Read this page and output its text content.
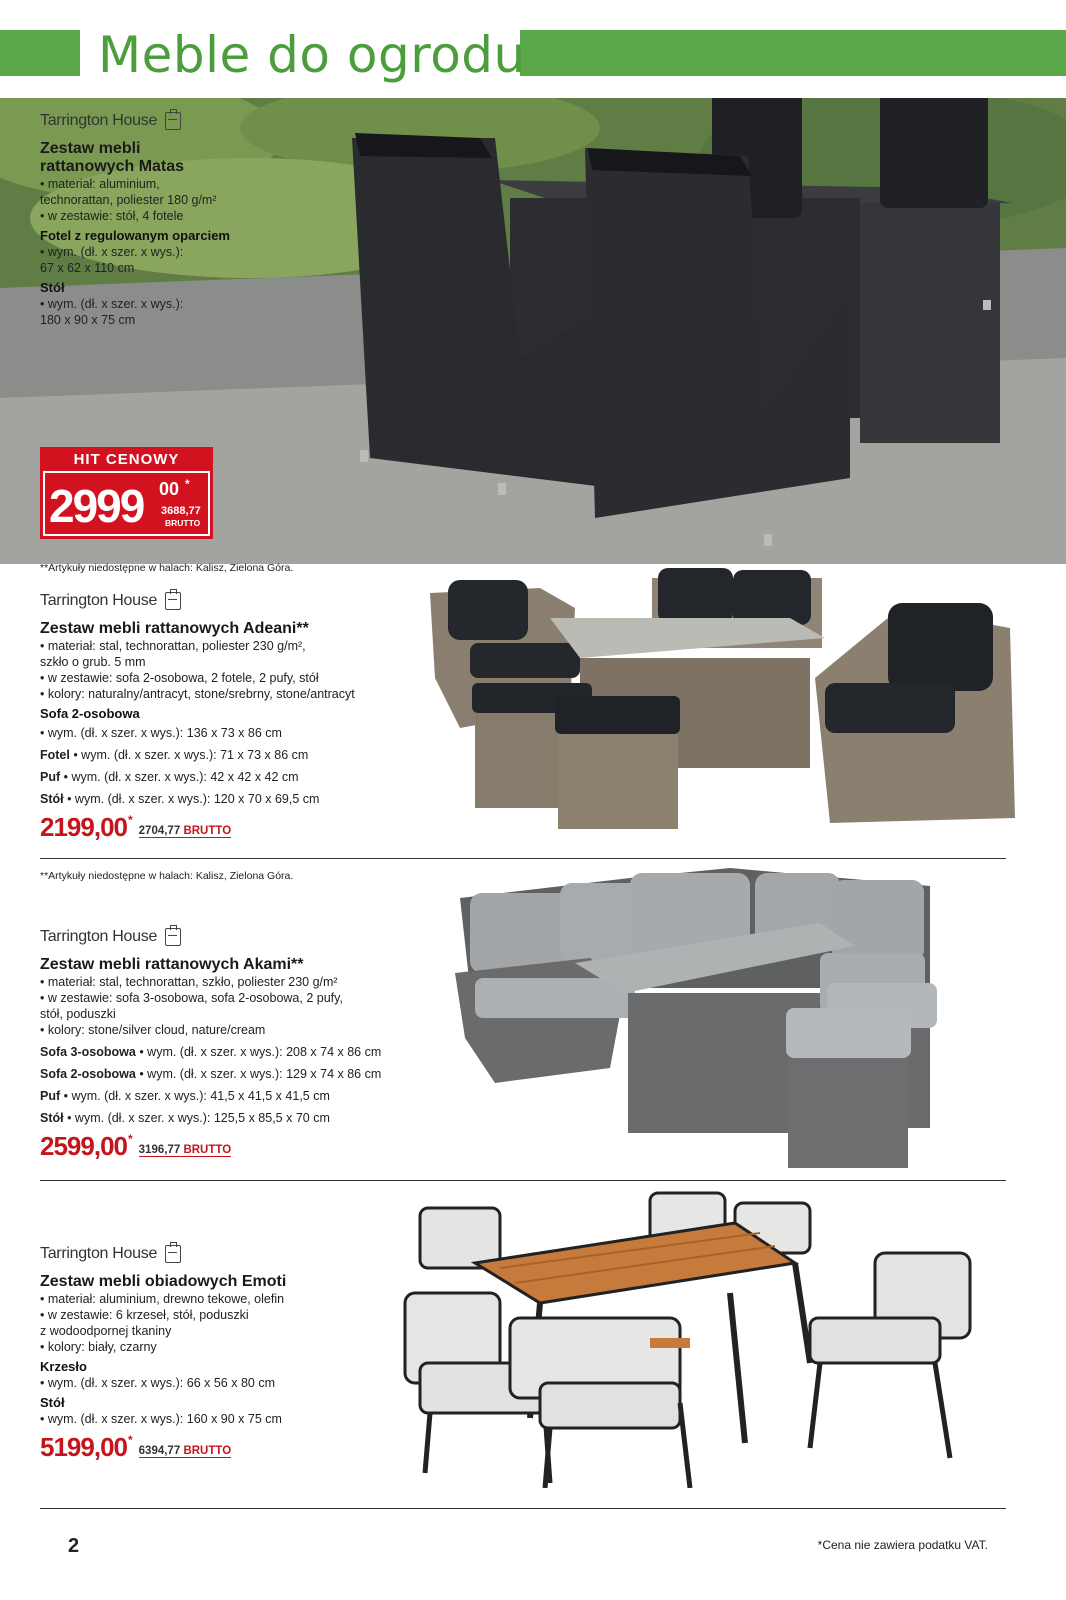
Meble do ogrodu
Tarrington House
Zestaw mebli
rattanowych Matas
• materiał: aluminium,
technorattan, poliester 180 g/m²
• w zestawie: stół, 4 fotele
Fotel z regulowanym oparciem
• wym. (dł. x szer. x wys.):
67 x 62 x 110 cm
Stół
• wym. (dł. x szer. x wys.):
180 x 90 x 75 cm
HIT CENOWY
2999 00 *
3688,77
BRUTTO
**Artykuły niedostępne w halach: Kalisz, Zielona Góra.
Tarrington House
Zestaw mebli rattanowych Adeani**
• materiał: stal, technorattan, poliester 230 g/m²,
szkło o grub. 5 mm
• w zestawie: sofa 2-osobowa, 2 fotele, 2 pufy, stół
• kolory: naturalny/antracyt, stone/srebrny, stone/antracyt
Sofa 2-osobowa
• wym. (dł. x szer. x wys.): 136 x 73 x 86 cm
Fotel • wym. (dł. x szer. x wys.): 71 x 73 x 86 cm
Puf • wym. (dł. x szer. x wys.): 42 x 42 x 42 cm
Stół • wym. (dł. x szer. x wys.): 120 x 70 x 69,5 cm
2199,00 *
2704,77 BRUTTO
**Artykuły niedostępne w halach: Kalisz, Zielona Góra.
Tarrington House
Zestaw mebli rattanowych Akami**
• materiał: stal, technorattan, szkło, poliester 230 g/m²
• w zestawie: sofa 3-osobowa, sofa 2-osobowa, 2 pufy,
stół, poduszki
• kolory: stone/silver cloud, nature/cream
Sofa 3-osobowa • wym. (dł. x szer. x wys.): 208 x 74 x 86 cm
Sofa 2-osobowa • wym. (dł. x szer. x wys.): 129 x 74 x 86 cm
Puf • wym. (dł. x szer. x wys.): 41,5 x 41,5 x 41,5 cm
Stół • wym. (dł. x szer. x wys.): 125,5 x 85,5 x 70 cm
2599,00 *
3196,77 BRUTTO
Tarrington House
Zestaw mebli obiadowych Emoti
• materiał: aluminium, drewno tekowe, olefin
• w zestawie: 6 krzeseł, stół, poduszki
z wodoodpornej tkaniny
• kolory: biały, czarny
Krzesło
• wym. (dł. x szer. x wys.): 66 x 56 x 80 cm
Stół
• wym. (dł. x szer. x wys.): 160 x 90 x 75 cm
5199,00 *
6394,77 BRUTTO
2	*Cena nie zawiera podatku VAT.
